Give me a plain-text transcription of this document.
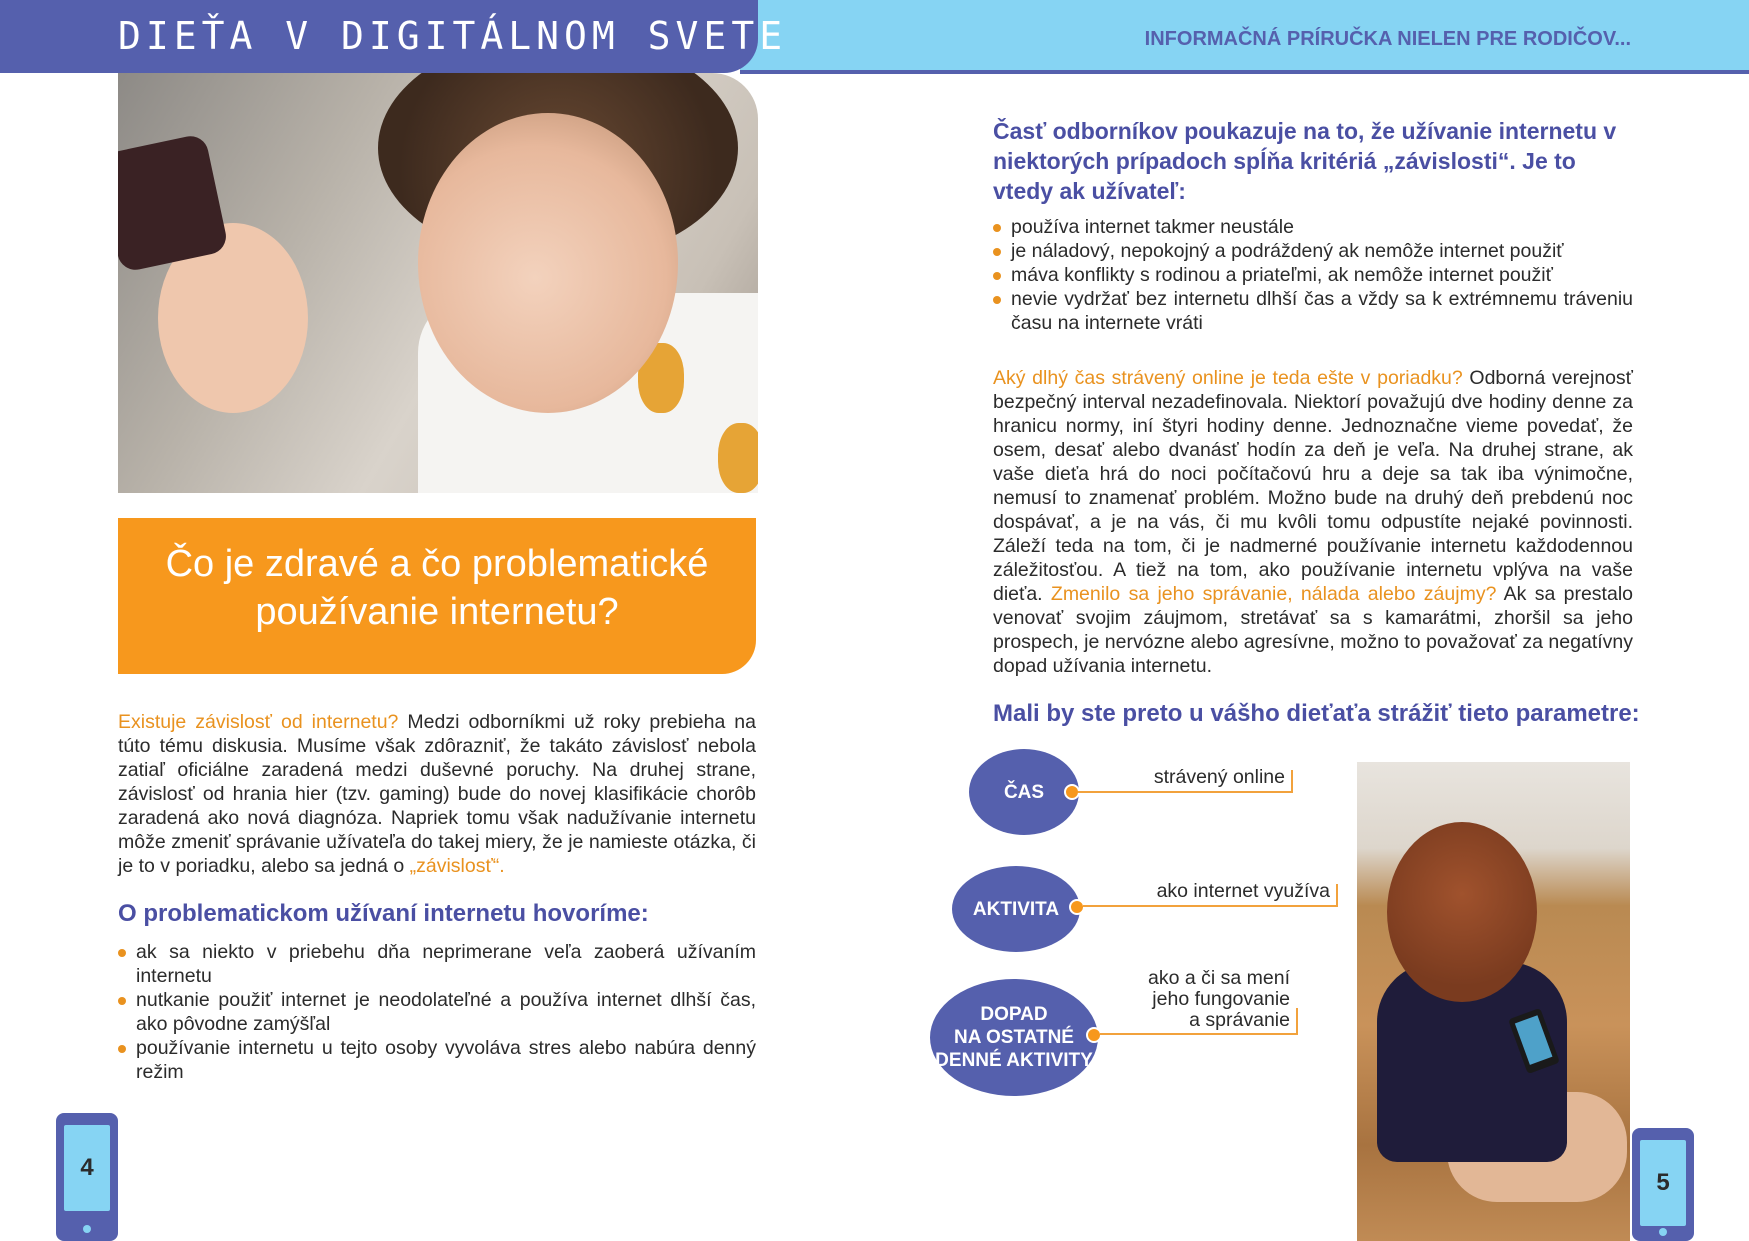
DIEŤA V DIGITÁLNOM SVETE	INFORMAČNÁ PRÍRUČKA NIELEN PRE RODIČOV...
Čo je zdravé a čo problematické používanie internetu?
Existuje závislosť od internetu? Medzi odborníkmi už roky prebieha na túto tému diskusia. Musíme však zdôrazniť, že takáto závislosť nebola zatiaľ oficiálne zaradená medzi duševné poruchy. Na druhej strane, závislosť od hrania hier (tzv. gaming) bude do novej klasifikácie chorôb zaradená ako nová diagnóza. Napriek tomu však nadužívanie internetu môže zmeniť správanie užívateľa do takej miery, že je namieste otázka, či je to v poriadku, alebo sa jedná o „závislosť“.
O problematickom užívaní internetu hovoríme:
ak sa niekto v priebehu dňa neprimerane veľa zaoberá užívaním internetu
nutkanie použiť internet je neodolateľné a používa internet dlhší čas, ako pôvodne zamýšľal
používanie internetu u tejto osoby vyvoláva stres alebo nabúra denný režim
4
Časť odborníkov poukazuje na to, že užívanie internetu v niektorých prípadoch spĺňa kritériá „závislosti“. Je to vtedy ak užívateľ:
používa internet takmer neustále
je náladový, nepokojný a podráždený ak nemôže internet použiť
máva konflikty s rodinou a priateľmi, ak nemôže internet použiť
nevie vydržať bez internetu dlhší čas a vždy sa k extrémnemu tráveniu času na internete vráti
Aký dlhý čas strávený online je teda ešte v poriadku? Odborná verejnosť bezpečný interval nezadefinovala. Niektorí považujú dve hodiny denne za hranicu normy, iní štyri hodiny denne. Jednoznačne vieme povedať, že osem, desať alebo dvanásť hodín za deň je veľa. Na druhej strane, ak vaše dieťa hrá do noci počítačovú hru a deje sa tak iba výnimočne, nemusí to znamenať problém. Možno bude na druhý deň prebdenú noc dospávať, a je na vás, či mu kvôli tomu odpustíte nejaké povinnosti. Záleží teda na tom, či je nadmerné používanie internetu každodennou záležitosťou. A tiež na tom, ako používanie internetu vplýva na vaše dieťa. Zmenilo sa jeho správanie, nálada alebo záujmy? Ak sa prestalo venovať svojim záujmom, stretávať sa s kamarátmi, zhoršil sa jeho prospech, je nervózne alebo agresívne, možno to považovať za negatívny dopad užívania internetu.
Mali by ste preto u vášho dieťaťa strážiť tieto parametre:
ČAS
strávený online
AKTIVITA
ako internet využíva
DOPAD
NA OSTATNÉ
DENNÉ AKTIVITY
ako a či sa mení
jeho fungovanie
a správanie
5
